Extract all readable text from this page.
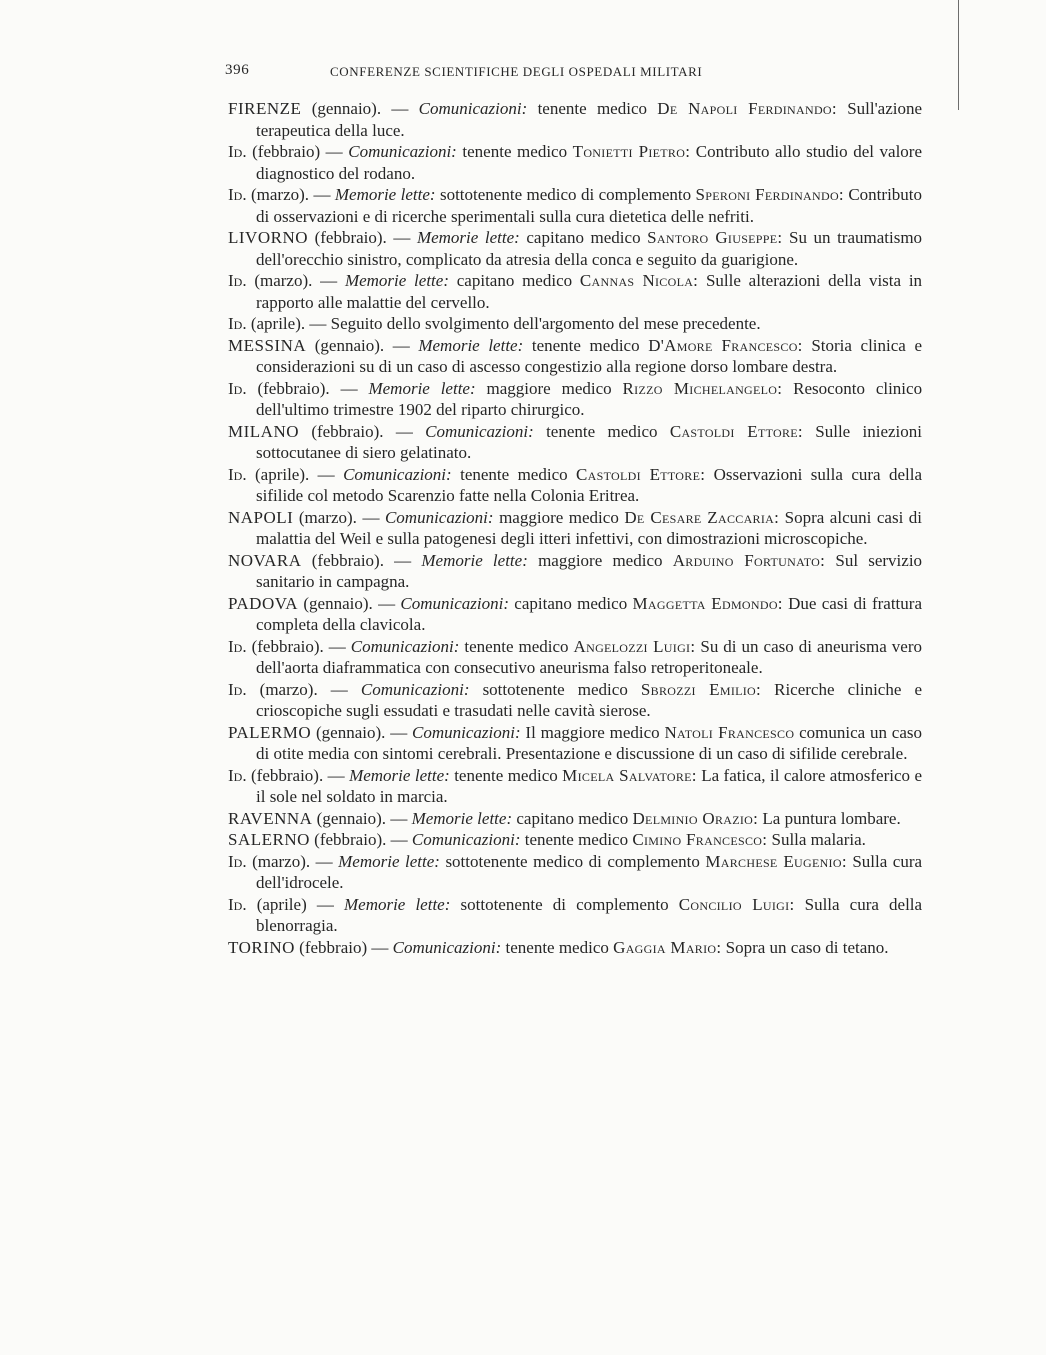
396	CONFERENZE SCIENTIFICHE DEGLI OSPEDALI MILITARI

FIRENZE (gennaio). — Comunicazioni: tenente medico De Napoli Ferdinando: Sull'azione terapeutica della luce.

Id. (febbraio) — Comunicazioni: tenente medico Tonietti Pietro: Contributo allo studio del valore diagnostico del rodano.

Id. (marzo). — Memorie lette: sottotenente medico di complemento Speroni Ferdinando: Contributo di osservazioni e di ricerche sperimentali sulla cura dietetica delle nefriti.

LIVORNO (febbraio). — Memorie lette: capitano medico Santoro Giuseppe: Su un traumatismo dell'orecchio sinistro, complicato da atresia della conca e seguito da guarigione.

Id. (marzo). — Memorie lette: capitano medico Cannas Nicola: Sulle alterazioni della vista in rapporto alle malattie del cervello.

Id. (aprile). — Seguito dello svolgimento dell'argomento del mese precedente.

MESSINA (gennaio). — Memorie lette: tenente medico D'Amore Francesco: Storia clinica e considerazioni su di un caso di ascesso congestizio alla regione dorso lombare destra.

Id. (febbraio). — Memorie lette: maggiore medico Rizzo Michelangelo: Resoconto clinico dell'ultimo trimestre 1902 del riparto chirurgico.

MILANO (febbraio). — Comunicazioni: tenente medico Castoldi Ettore: Sulle iniezioni sottocutanee di siero gelatinato.

Id. (aprile). — Comunicazioni: tenente medico Castoldi Ettore: Osservazioni sulla cura della sifilide col metodo Scarenzio fatte nella Colonia Eritrea.

NAPOLI (marzo). — Comunicazioni: maggiore medico De Cesare Zaccaria: Sopra alcuni casi di malattia del Weil e sulla patogenesi degli itteri infettivi, con dimostrazioni microscopiche.

NOVARA (febbraio). — Memorie lette: maggiore medico Arduino Fortunato: Sul servizio sanitario in campagna.

PADOVA (gennaio). — Comunicazioni: capitano medico Maggetta Edmondo: Due casi di frattura completa della clavicola.

Id. (febbraio). — Comunicazioni: tenente medico Angelozzi Luigi: Su di un caso di aneurisma vero dell'aorta diaframmatica con consecutivo aneurisma falso retroperitoneale.

Id. (marzo). — Comunicazioni: sottotenente medico Sbrozzi Emilio: Ricerche cliniche e crioscopiche sugli essudati e trasudati nelle cavità sierose.

PALERMO (gennaio). — Comunicazioni: Il maggiore medico Natoli Francesco comunica un caso di otite media con sintomi cerebrali. Presentazione e discussione di un caso di sifilide cerebrale.

Id. (febbraio). — Memorie lette: tenente medico Micela Salvatore: La fatica, il calore atmosferico e il sole nel soldato in marcia.

RAVENNA (gennaio). — Memorie lette: capitano medico Delminio Orazio: La puntura lombare.

SALERNO (febbraio). — Comunicazioni: tenente medico Cimino Francesco: Sulla malaria.

Id. (marzo). — Memorie lette: sottotenente medico di complemento Marchese Eugenio: Sulla cura dell'idrocele.

Id. (aprile) — Memorie lette: sottotenente di complemento Concilio Luigi: Sulla cura della blenorragia.

TORINO (febbraio) — Comunicazioni: tenente medico Gaggia Mario: Sopra un caso di tetano.
